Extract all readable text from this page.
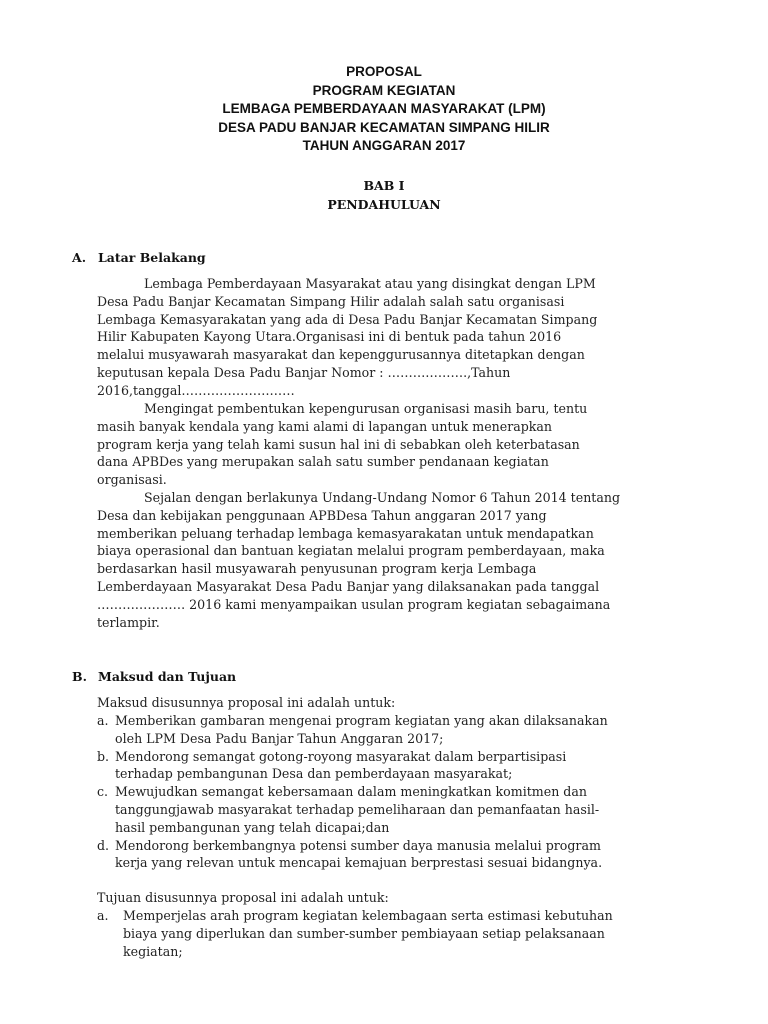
PROPOSAL
PROGRAM KEGIATAN
LEMBAGA PEMBERDAYAAN MASYARAKAT (LPM)
DESA PADU BANJAR KECAMATAN SIMPANG HILIR
TAHUN ANGGARAN 2017
BAB I
PENDAHULUAN
A. Latar Belakang
Lembaga Pemberdayaan Masyarakat atau yang disingkat dengan LPM
Desa Padu Banjar Kecamatan Simpang Hilir adalah salah satu organisasi
Lembaga Kemasyarakatan yang ada di Desa Padu Banjar Kecamatan Simpang
Hilir Kabupaten Kayong Utara.Organisasi ini di bentuk pada tahun 2016
melalui musyawarah masyarakat dan kepenggurusannya ditetapkan dengan
keputusan kepala Desa Padu Banjar Nomor : ……………….,Tahun
2016,tanggal………………………
Mengingat pembentukan kepengurusan organisasi masih baru, tentu
masih banyak kendala yang kami alami di lapangan untuk menerapkan
program kerja yang telah kami susun hal ini di sebabkan oleh keterbatasan
dana APBDes yang merupakan salah satu sumber pendanaan kegiatan
organisasi.
Sejalan dengan berlakunya Undang-Undang Nomor 6 Tahun 2014 tentang
Desa dan kebijakan penggunaan APBDesa Tahun anggaran 2017 yang
memberikan peluang terhadap lembaga kemasyarakatan untuk mendapatkan
biaya operasional dan bantuan kegiatan melalui program pemberdayaan, maka
berdasarkan hasil musyawarah penyusunan program kerja Lembaga
Lemberdayaan Masyarakat Desa Padu Banjar yang dilaksanakan pada tanggal
………………… 2016 kami menyampaikan usulan program kegiatan sebagaimana
terlampir.
B. Maksud dan Tujuan
Maksud disusunnya proposal ini adalah untuk:
a. Memberikan gambaran mengenai program kegiatan yang akan dilaksanakan
oleh LPM Desa Padu Banjar Tahun Anggaran 2017;
b. Mendorong semangat gotong-royong masyarakat dalam berpartisipasi
terhadap pembangunan Desa dan pemberdayaan masyarakat;
c. Mewujudkan semangat kebersamaan dalam meningkatkan komitmen dan
tanggungjawab masyarakat terhadap pemeliharaan dan pemanfaatan hasil-
hasil pembangunan yang telah dicapai;dan
d. Mendorong berkembangnya potensi sumber daya manusia melalui program
kerja yang relevan untuk mencapai kemajuan berprestasi sesuai bidangnya.
Tujuan disusunnya proposal ini adalah untuk:
a. Memperjelas arah program kegiatan kelembagaan serta estimasi kebutuhan
biaya yang diperlukan dan sumber-sumber pembiayaan setiap pelaksanaan
kegiatan;
